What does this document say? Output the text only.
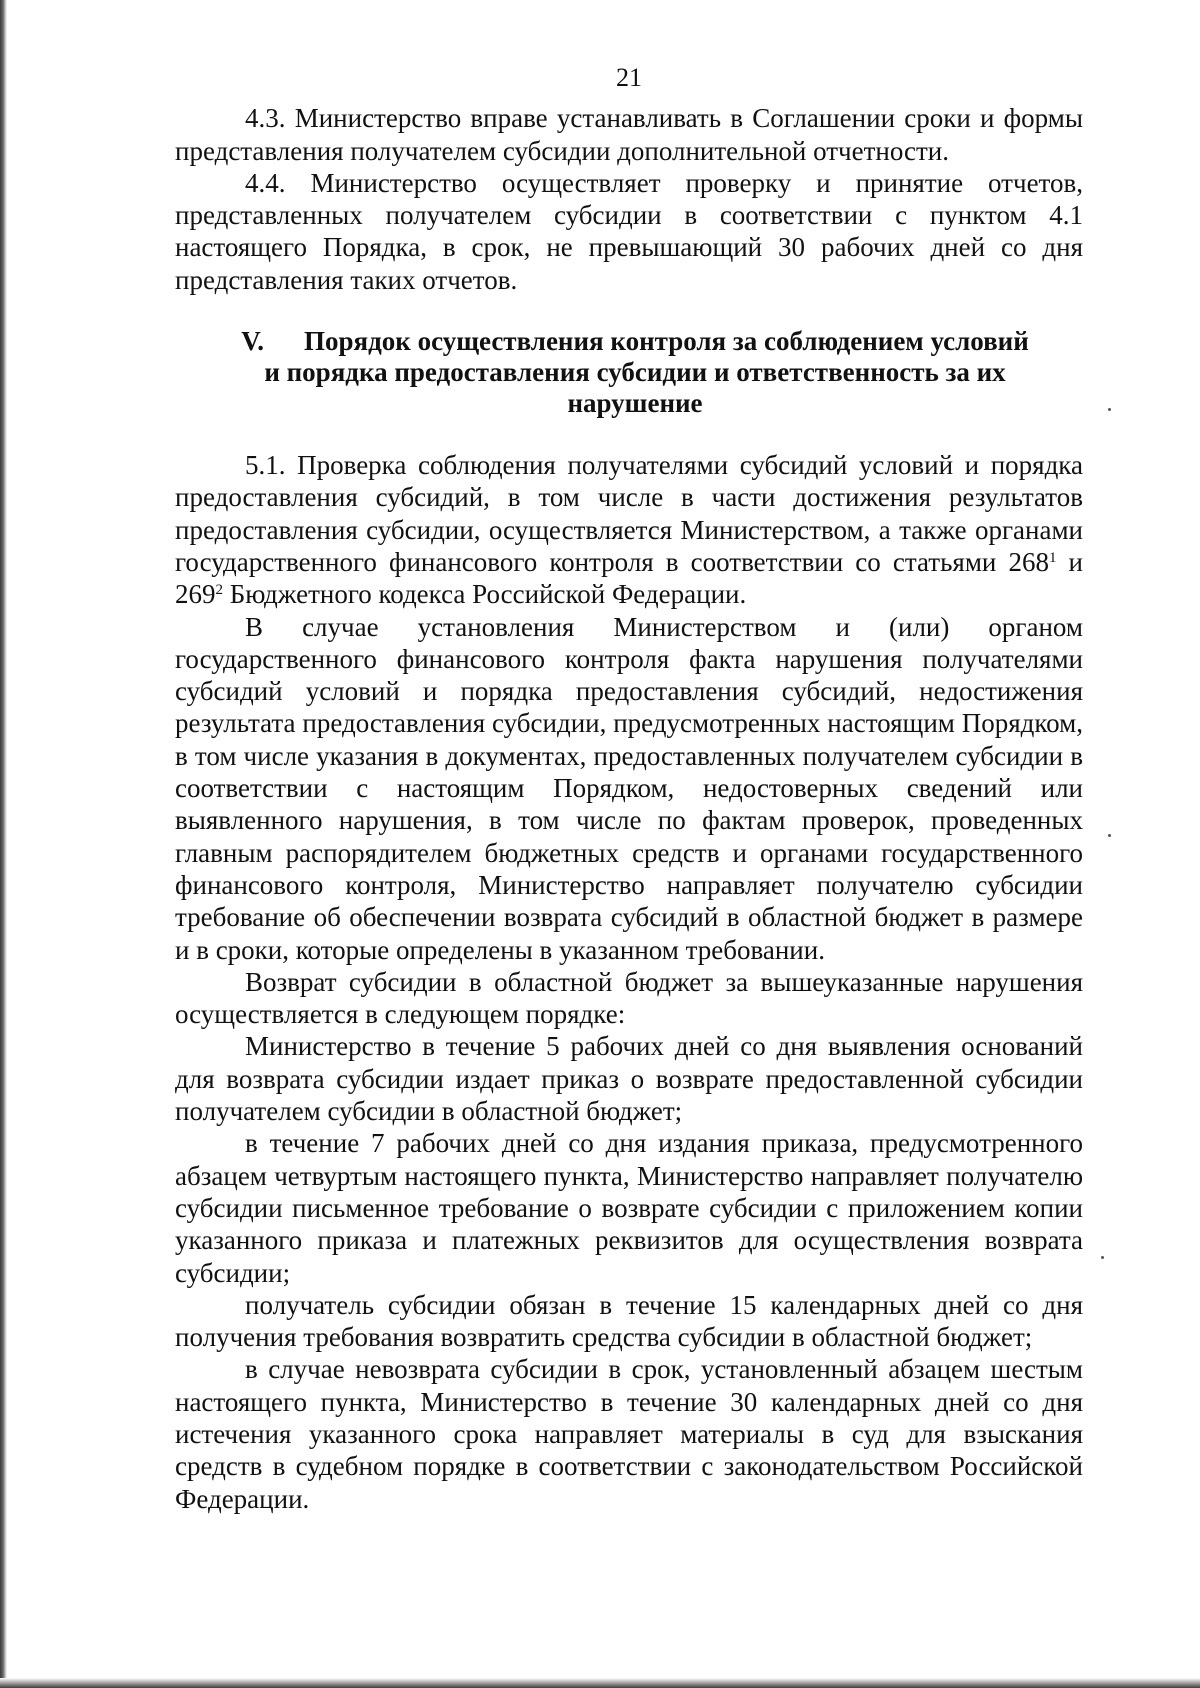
21

4.3. Министерство вправе устанавливать в Соглашении сроки и формы представления получателем субсидии дополнительной отчетности.

4.4. Министерство осуществляет проверку и принятие отчетов, представленных получателем субсидии в соответствии с пунктом 4.1 настоящего Порядка, в срок, не превышающий 30 рабочих дней со дня представления таких отчетов.

V. Порядок осуществления контроля за соблюдением условий и порядка предоставления субсидии и ответственность за их нарушение

5.1. Проверка соблюдения получателями субсидий условий и порядка предоставления субсидий, в том числе в части достижения результатов предоставления субсидии, осуществляется Министерством, а также органами государственного финансового контроля в соответствии со статьями $268^1$ и $269^2$ Бюджетного кодекса Российской Федерации.

В случае установления Министерством и (или) органом государственного финансового контроля факта нарушения получателями субсидий условий и порядка предоставления субсидий, недостижения результата предоставления субсидии, предусмотренных настоящим Порядком, в том числе указания в документах, предоставленных получателем субсидии в соответствии с настоящим Порядком, недостоверных сведений или выявленного нарушения, в том числе по фактам проверок, проведенных главным распорядителем бюджетных средств и органами государственного финансового контроля, Министерство направляет получателю субсидии требование об обеспечении возврата субсидий в областной бюджет в размере и в сроки, которые определены в указанном требовании.

Возврат субсидии в областной бюджет за вышеуказанные нарушения осуществляется в следующем порядке:

Министерство в течение 5 рабочих дней со дня выявления оснований для возврата субсидии издает приказ о возврате предоставленной субсидии получателем субсидии в областной бюджет;

в течение 7 рабочих дней со дня издания приказа, предусмотренного абзацем четвуртым настоящего пункта, Министерство направляет получателю субсидии письменное требование о возврате субсидии с приложением копии указанного приказа и платежных реквизитов для осуществления возврата субсидии;

получатель субсидии обязан в течение 15 календарных дней со дня получения требования возвратить средства субсидии в областной бюджет;

в случае невозврата субсидии в срок, установленный абзацем шестым настоящего пункта, Министерство в течение 30 календарных дней со дня истечения указанного срока направляет материалы в суд для взыскания средств в судебном порядке в соответствии с законодательством Российской Федерации.
